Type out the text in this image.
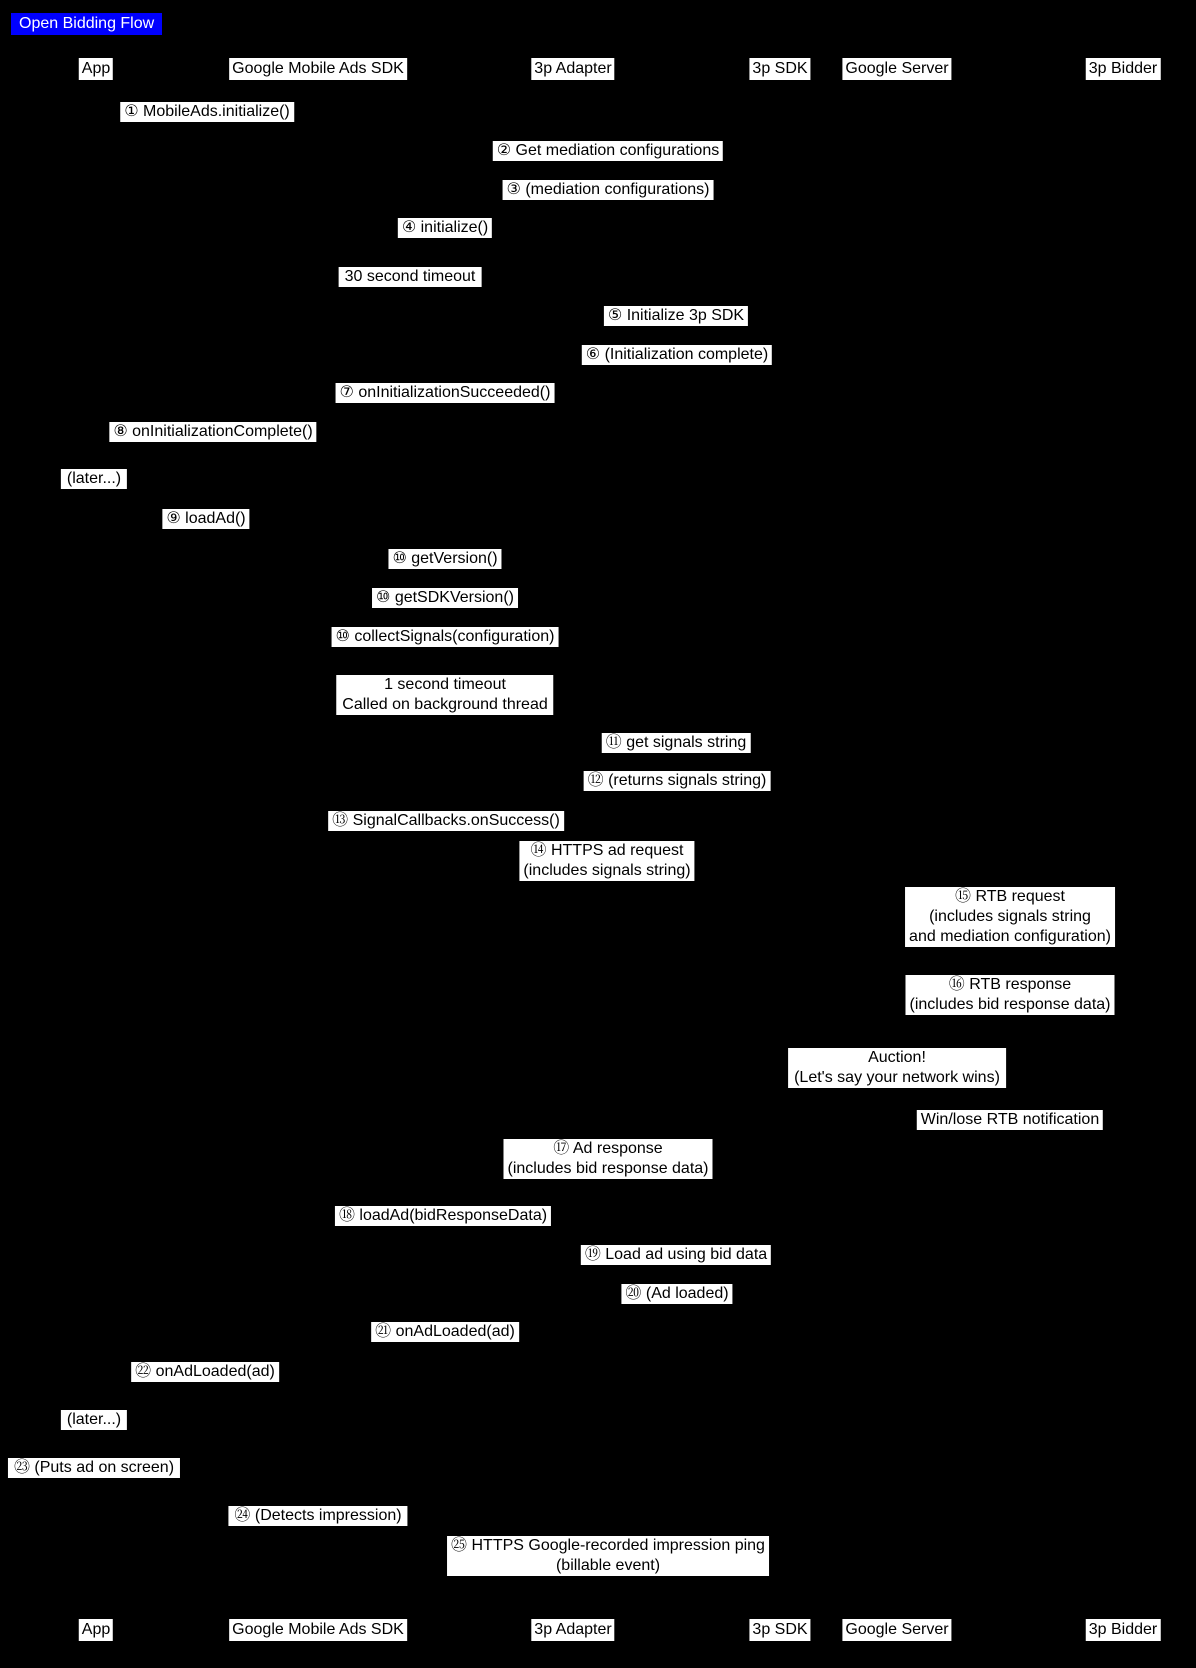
Open Bidding Flow
App	Google Mobile Ads SDK	3p Adapter	3p SDK Google Server	3p Bidder
① MobileAds.initialize()
② Get mediation configurations
③ (mediation configurations)
④ initialize()
30 second timeout
⑤ Initialize 3p SDK
⑥ (Initialization complete)
⑦ onInitializationSucceeded()
⑧ onInitializationComplete()
(later...)
⑨ loadAd()
⑩ getVersion()
⑩ getSDKVersion()
⑩ collectSignals(configuration)
1 second timeout
Called on background thread
⑪ get signals string
⑫ (returns signals string)
⑬ SignalCallbacks.onSuccess()
⑭ HTTPS ad request
(includes signals string)
⑮ RTB request
(includes signals string
and mediation configuration)
⑯ RTB response
(includes bid response data)
Auction!
(Let's say your network wins)
Win/lose RTB notification
⑰ Ad response
(includes bid response data)
⑱ loadAd(bidResponseData)
⑲ Load ad using bid data
⑳ (Ad loaded)
㉑ onAdLoaded(ad)
㉒ onAdLoaded(ad)
(later...)
㉓ (Puts ad on screen)
㉔ (Detects impression)
㉕ HTTPS Google-recorded impression ping
(billable event)
App	Google Mobile Ads SDK	3p Adapter	3p SDK Google Server	3p Bidder
